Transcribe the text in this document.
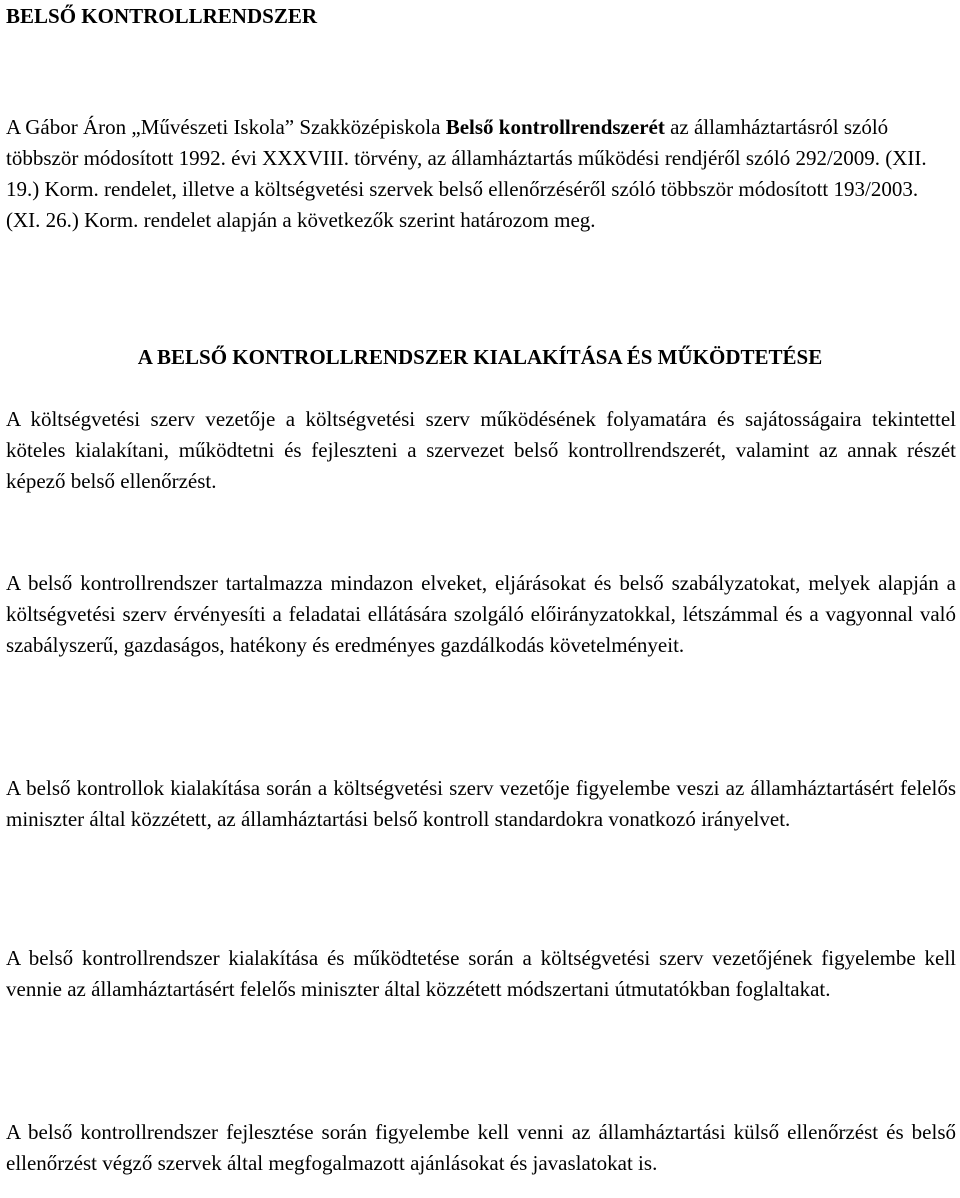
BELSŐ KONTROLLRENDSZER

A Gábor Áron „Művészeti Iskola” Szakközépiskola Belső kontrollrendszerét az államháztartásról szóló többször módosított 1992. évi XXXVIII. törvény, az államháztartás működési rendjéről szóló 292/2009. (XII. 19.) Korm. rendelet, illetve a költségvetési szervek belső ellenőrzéséről szóló többször módosított 193/2003. (XI. 26.) Korm. rendelet alapján a következők szerint határozom meg.

A BELSŐ KONTROLLRENDSZER KIALAKÍTÁSA ÉS MŰKÖDTETÉSE

A költségvetési szerv vezetője a költségvetési szerv működésének folyamatára és sajátosságaira tekintettel köteles kialakítani, működtetni és fejleszteni a szervezet belső kontrollrendszerét, valamint az annak részét képező belső ellenőrzést.

A belső kontrollrendszer tartalmazza mindazon elveket, eljárásokat és belső szabályzatokat, melyek alapján a költségvetési szerv érvényesíti a feladatai ellátására szolgáló előirányzatokkal, létszámmal és a vagyonnal való szabályszerű, gazdaságos, hatékony és eredményes gazdálkodás követelményeit.

A belső kontrollok kialakítása során a költségvetési szerv vezetője figyelembe veszi az államháztartásért felelős miniszter által közzétett, az államháztartási belső kontroll standardokra vonatkozó irányelvet.

A belső kontrollrendszer kialakítása és működtetése során a költségvetési szerv vezetőjének figyelembe kell vennie az államháztartásért felelős miniszter által közzétett módszertani útmutatókban foglaltakat.

A belső kontrollrendszer fejlesztése során figyelembe kell venni az államháztartási külső ellenőrzést és belső ellenőrzést végző szervek által megfogalmazott ajánlásokat és javaslatokat is.
